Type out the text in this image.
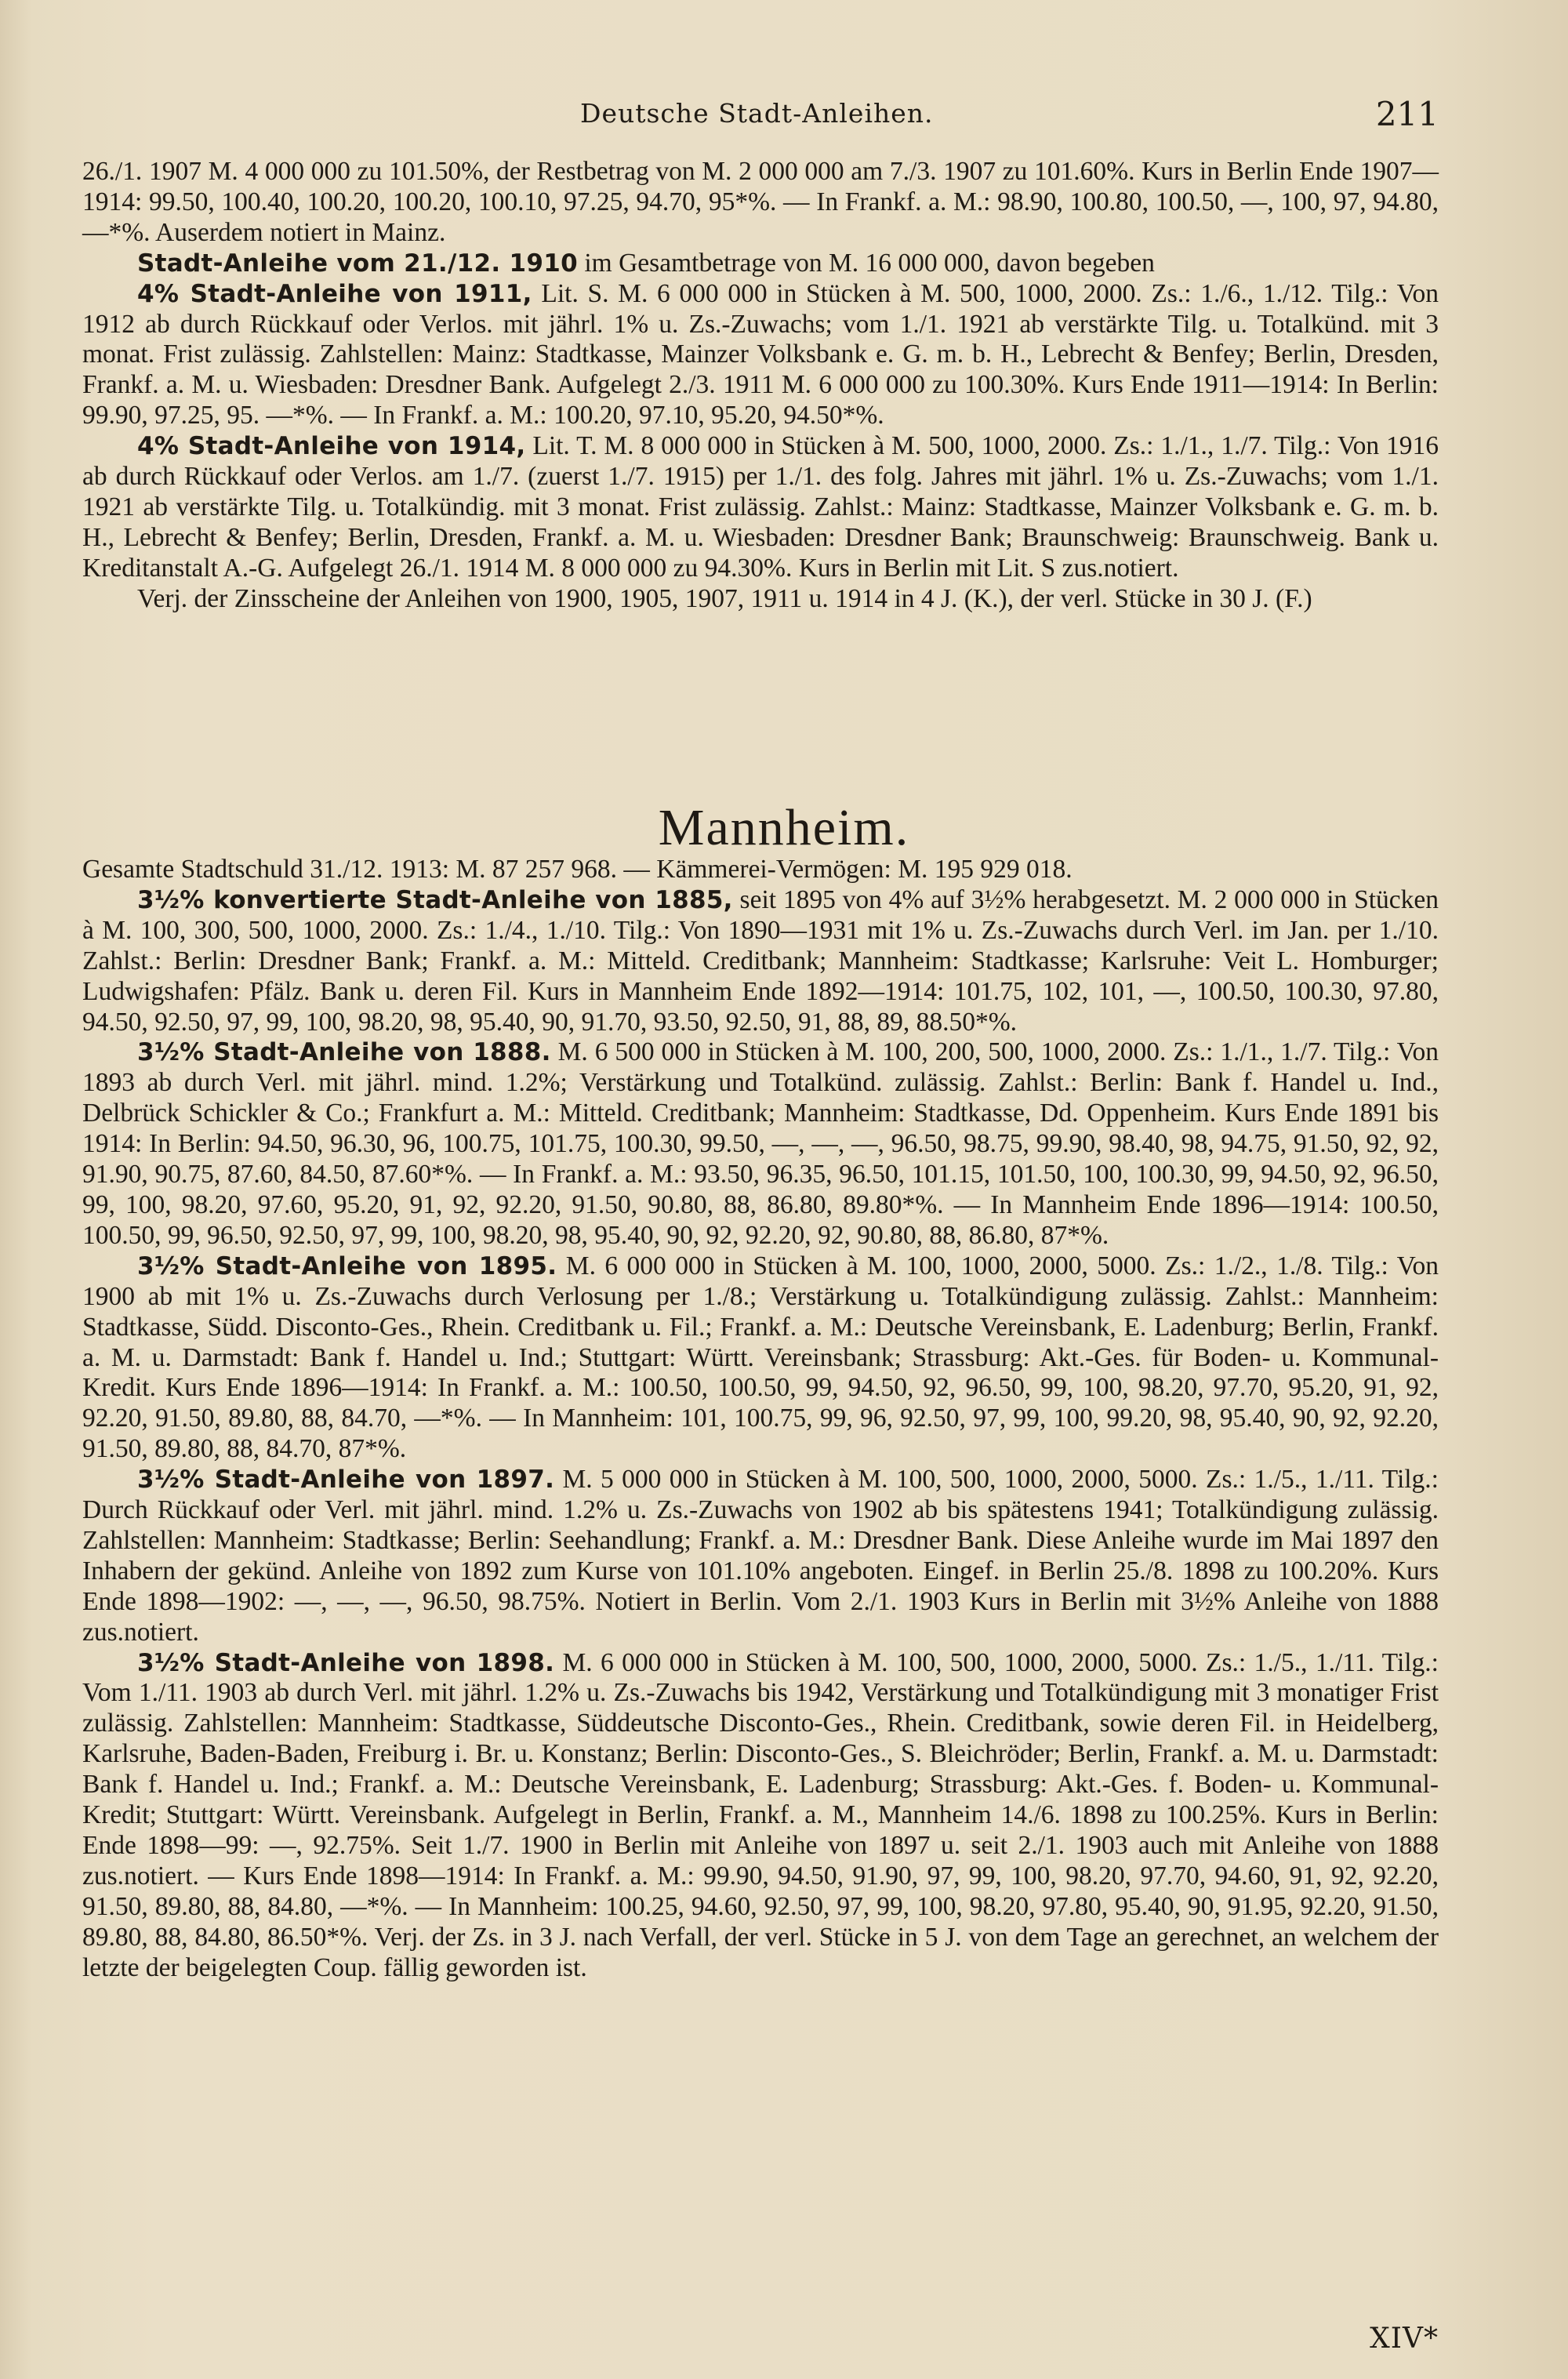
Deutsche Stadt-Anleihen.	211

26./1. 1907 M. 4 000 000 zu 101.50%, der Restbetrag von M. 2 000 000 am 7./3. 1907 zu 101.60%. Kurs in Berlin Ende 1907—1914: 99.50, 100.40, 100.20, 100.20, 100.10, 97.25, 94.70, 95*%. — In Frankf. a. M.: 98.90, 100.80, 100.50, —, 100, 97, 94.80, —*%. Auserdem notiert in Mainz.

Stadt-Anleihe vom 21./12. 1910 im Gesamtbetrage von M. 16 000 000, davon begeben

4% Stadt-Anleihe von 1911, Lit. S. M. 6 000 000 in Stücken à M. 500, 1000, 2000. Zs.: 1./6., 1./12. Tilg.: Von 1912 ab durch Rückkauf oder Verlos. mit jährl. 1% u. Zs.-Zuwachs; vom 1./1. 1921 ab verstärkte Tilg. u. Totalkünd. mit 3 monat. Frist zulässig. Zahlstellen: Mainz: Stadtkasse, Mainzer Volksbank e. G. m. b. H., Lebrecht & Benfey; Berlin, Dresden, Frankf. a. M. u. Wiesbaden: Dresdner Bank. Aufgelegt 2./3. 1911 M. 6 000 000 zu 100.30%. Kurs Ende 1911—1914: In Berlin: 99.90, 97.25, 95. —*%. — In Frankf. a. M.: 100.20, 97.10, 95.20, 94.50*%.

4% Stadt-Anleihe von 1914, Lit. T. M. 8 000 000 in Stücken à M. 500, 1000, 2000. Zs.: 1./1., 1./7. Tilg.: Von 1916 ab durch Rückkauf oder Verlos. am 1./7. (zuerst 1./7. 1915) per 1./1. des folg. Jahres mit jährl. 1% u. Zs.-Zuwachs; vom 1./1. 1921 ab verstärkte Tilg. u. Totalkündig. mit 3 monat. Frist zulässig. Zahlst.: Mainz: Stadtkasse, Mainzer Volksbank e. G. m. b. H., Lebrecht & Benfey; Berlin, Dresden, Frankf. a. M. u. Wiesbaden: Dresdner Bank; Braunschweig: Braunschweig. Bank u. Kreditanstalt A.-G. Aufgelegt 26./1. 1914 M. 8 000 000 zu 94.30%. Kurs in Berlin mit Lit. S zus.notiert.

Verj. der Zinsscheine der Anleihen von 1900, 1905, 1907, 1911 u. 1914 in 4 J. (K.), der verl. Stücke in 30 J. (F.)

Mannheim.

Gesamte Stadtschuld 31./12. 1913: M. 87 257 968. — Kämmerei-Vermögen: M. 195 929 018.

3½% konvertierte Stadt-Anleihe von 1885, seit 1895 von 4% auf 3½% herabgesetzt. M. 2 000 000 in Stücken à M. 100, 300, 500, 1000, 2000. Zs.: 1./4., 1./10. Tilg.: Von 1890—1931 mit 1% u. Zs.-Zuwachs durch Verl. im Jan. per 1./10. Zahlst.: Berlin: Dresdner Bank; Frankf. a. M.: Mitteld. Creditbank; Mannheim: Stadtkasse; Karlsruhe: Veit L. Homburger; Ludwigshafen: Pfälz. Bank u. deren Fil. Kurs in Mannheim Ende 1892—1914: 101.75, 102, 101, —, 100.50, 100.30, 97.80, 94.50, 92.50, 97, 99, 100, 98.20, 98, 95.40, 90, 91.70, 93.50, 92.50, 91, 88, 89, 88.50*%.

3½% Stadt-Anleihe von 1888. M. 6 500 000 in Stücken à M. 100, 200, 500, 1000, 2000. Zs.: 1./1., 1./7. Tilg.: Von 1893 ab durch Verl. mit jährl. mind. 1.2%; Verstärkung und Totalkünd. zulässig. Zahlst.: Berlin: Bank f. Handel u. Ind., Delbrück Schickler & Co.; Frankfurt a. M.: Mitteld. Creditbank; Mannheim: Stadtkasse, Dd. Oppenheim. Kurs Ende 1891 bis 1914: In Berlin: 94.50, 96.30, 96, 100.75, 101.75, 100.30, 99.50, —, —, —, 96.50, 98.75, 99.90, 98.40, 98, 94.75, 91.50, 92, 92, 91.90, 90.75, 87.60, 84.50, 87.60*%. — In Frankf. a. M.: 93.50, 96.35, 96.50, 101.15, 101.50, 100, 100.30, 99, 94.50, 92, 96.50, 99, 100, 98.20, 97.60, 95.20, 91, 92, 92.20, 91.50, 90.80, 88, 86.80, 89.80*%. — In Mannheim Ende 1896—1914: 100.50, 100.50, 99, 96.50, 92.50, 97, 99, 100, 98.20, 98, 95.40, 90, 92, 92.20, 92, 90.80, 88, 86.80, 87*%.

3½% Stadt-Anleihe von 1895. M. 6 000 000 in Stücken à M. 100, 1000, 2000, 5000. Zs.: 1./2., 1./8. Tilg.: Von 1900 ab mit 1% u. Zs.-Zuwachs durch Verlosung per 1./8.; Verstärkung u. Totalkündigung zulässig. Zahlst.: Mannheim: Stadtkasse, Südd. Disconto-Ges., Rhein. Creditbank u. Fil.; Frankf. a. M.: Deutsche Vereinsbank, E. Ladenburg; Berlin, Frankf. a. M. u. Darmstadt: Bank f. Handel u. Ind.; Stuttgart: Württ. Vereinsbank; Strassburg: Akt.-Ges. für Boden- u. Kommunal-Kredit. Kurs Ende 1896—1914: In Frankf. a. M.: 100.50, 100.50, 99, 94.50, 92, 96.50, 99, 100, 98.20, 97.70, 95.20, 91, 92, 92.20, 91.50, 89.80, 88, 84.70, —*%. — In Mannheim: 101, 100.75, 99, 96, 92.50, 97, 99, 100, 99.20, 98, 95.40, 90, 92, 92.20, 91.50, 89.80, 88, 84.70, 87*%.

3½% Stadt-Anleihe von 1897. M. 5 000 000 in Stücken à M. 100, 500, 1000, 2000, 5000. Zs.: 1./5., 1./11. Tilg.: Durch Rückkauf oder Verl. mit jährl. mind. 1.2% u. Zs.-Zuwachs von 1902 ab bis spätestens 1941; Totalkündigung zulässig. Zahlstellen: Mannheim: Stadtkasse; Berlin: Seehandlung; Frankf. a. M.: Dresdner Bank. Diese Anleihe wurde im Mai 1897 den Inhabern der gekünd. Anleihe von 1892 zum Kurse von 101.10% angeboten. Eingef. in Berlin 25./8. 1898 zu 100.20%. Kurs Ende 1898—1902: —, —, —, 96.50, 98.75%. Notiert in Berlin. Vom 2./1. 1903 Kurs in Berlin mit 3½% Anleihe von 1888 zus.notiert.

3½% Stadt-Anleihe von 1898. M. 6 000 000 in Stücken à M. 100, 500, 1000, 2000, 5000. Zs.: 1./5., 1./11. Tilg.: Vom 1./11. 1903 ab durch Verl. mit jährl. 1.2% u. Zs.-Zuwachs bis 1942, Verstärkung und Totalkündigung mit 3 monatiger Frist zulässig. Zahlstellen: Mannheim: Stadtkasse, Süddeutsche Disconto-Ges., Rhein. Creditbank, sowie deren Fil. in Heidelberg, Karlsruhe, Baden-Baden, Freiburg i. Br. u. Konstanz; Berlin: Disconto-Ges., S. Bleichröder; Berlin, Frankf. a. M. u. Darmstadt: Bank f. Handel u. Ind.; Frankf. a. M.: Deutsche Vereinsbank, E. Ladenburg; Strassburg: Akt.-Ges. f. Boden- u. Kommunal-Kredit; Stuttgart: Württ. Vereinsbank. Aufgelegt in Berlin, Frankf. a. M., Mannheim 14./6. 1898 zu 100.25%. Kurs in Berlin: Ende 1898—99: —, 92.75%. Seit 1./7. 1900 in Berlin mit Anleihe von 1897 u. seit 2./1. 1903 auch mit Anleihe von 1888 zus.notiert. — Kurs Ende 1898—1914: In Frankf. a. M.: 99.90, 94.50, 91.90, 97, 99, 100, 98.20, 97.70, 94.60, 91, 92, 92.20, 91.50, 89.80, 88, 84.80, —*%. — In Mannheim: 100.25, 94.60, 92.50, 97, 99, 100, 98.20, 97.80, 95.40, 90, 91.95, 92.20, 91.50, 89.80, 88, 84.80, 86.50*%. Verj. der Zs. in 3 J. nach Verfall, der verl. Stücke in 5 J. von dem Tage an gerechnet, an welchem der letzte der beigelegten Coup. fällig geworden ist.

XIV*
